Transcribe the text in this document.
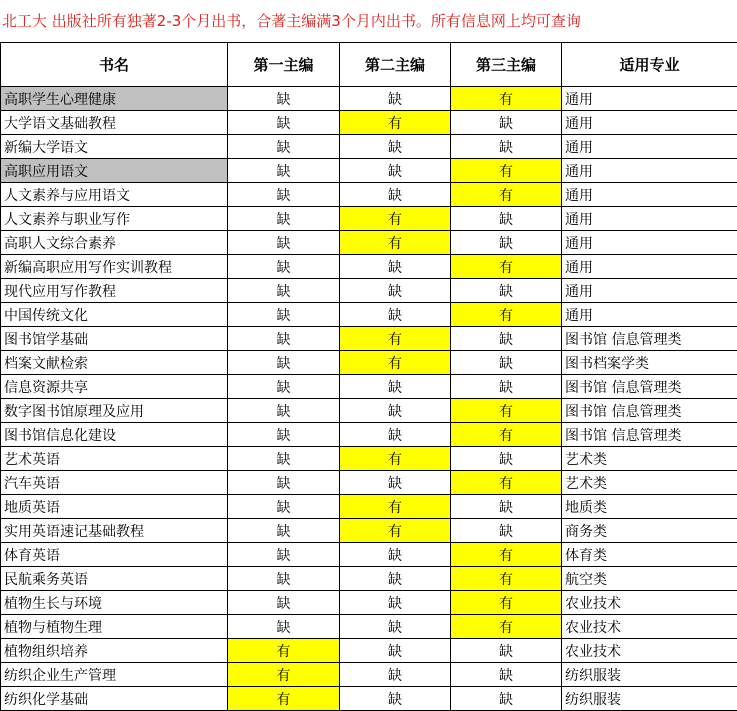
北工大 出版社所有独著2-3个月出书，合著主编满3个月内出书。所有信息网上均可查询
书名	第一主编	第二主编	第三主编	适用专业
高职学生心理健康	缺	缺	有	通用
大学语文基础教程	缺	有	缺	通用
新编大学语文	缺	缺	缺	通用
高职应用语文	缺	缺	有	通用
人文素养与应用语文	缺	缺	有	通用
人文素养与职业写作	缺	有	缺	通用
高职人文综合素养	缺	有	缺	通用
新编高职应用写作实训教程	缺	缺	有	通用
现代应用写作教程	缺	缺	缺	通用
中国传统文化	缺	缺	有	通用
图书馆学基础	缺	有	缺	图书馆 信息管理类
档案文献检索	缺	有	缺	图书档案学类
信息资源共享	缺	缺	缺	图书馆 信息管理类
数字图书馆原理及应用	缺	缺	有	图书馆 信息管理类
图书馆信息化建设	缺	缺	有	图书馆 信息管理类
艺术英语	缺	有	缺	艺术类
汽车英语	缺	缺	有	艺术类
地质英语	缺	有	缺	地质类
实用英语速记基础教程	缺	有	缺	商务类
体育英语	缺	缺	有	体育类
民航乘务英语	缺	缺	有	航空类
植物生长与环境	缺	缺	有	农业技术
植物与植物生理	缺	缺	有	农业技术
植物组织培养	有	缺	缺	农业技术
纺织企业生产管理	有	缺	缺	纺织服装
纺织化学基础	有	缺	缺	纺织服装
